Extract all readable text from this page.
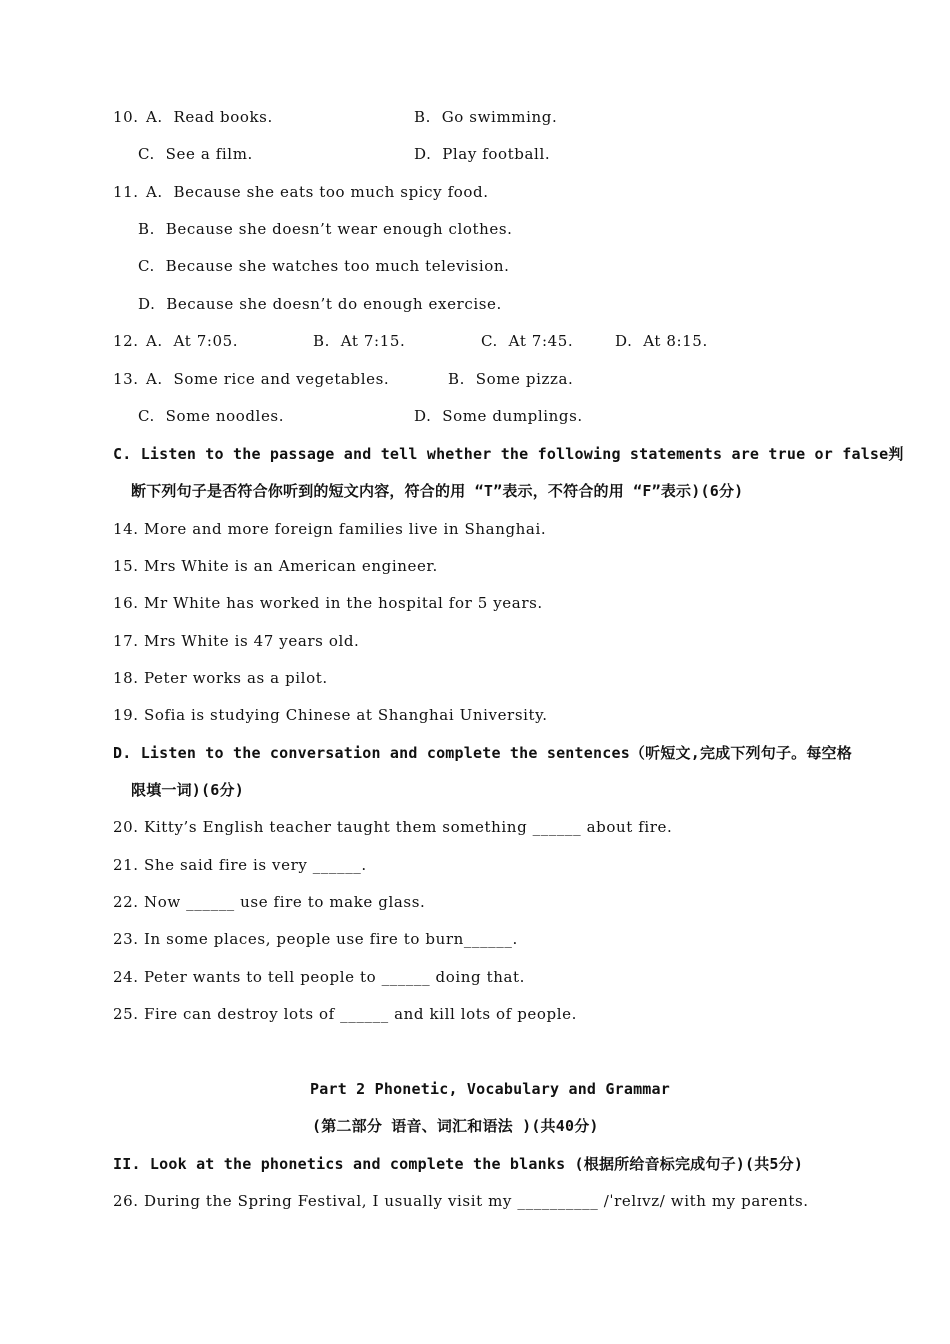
10. A.  Read books.	B.  Go swimming.
C.  See a film.	D.  Play football.
11. A.  Because she eats too much spicy food.
B.  Because she doesn’t wear enough clothes.
C.  Because she watches too much television.
D.  Because she doesn’t do enough exercise.
12. A.  At 7:05.	B.  At 7:15.	C.  At 7:45.	D.  At 8:15.
13. A.  Some rice and vegetables.	B.  Some pizza.
C.  Some noodles.	D.  Some dumplings.
C. Listen to the passage and tell whether the following statements are true or false判
断下列句子是否符合你听到的短文内容，符合的用 “T”表示，不符合的用 “F”表示)(6分)
14. More and more foreign families live in Shanghai.
15. Mrs White is an American engineer.
16. Mr White has worked in the hospital for 5 years.
17. Mrs White is 47 years old.
18. Peter works as a pilot.
19. Sofia is studying Chinese at Shanghai University.
D. Listen to the conversation and complete the sentences（听短文,完成下列句子。每空格
限填一词)(6分)
20. Kitty’s English teacher taught them something ______ about fire.
21. She said fire is very ______.
22. Now ______ use fire to make glass.
23. In some places, people use fire to burn______.
24. Peter wants to tell people to ______ doing that.
25. Fire can destroy lots of ______ and kill lots of people.
Part 2 Phonetic, Vocabulary and Grammar
(第二部分 语音、词汇和语法 )(共40分)
II. Look at the phonetics and complete the blanks (根据所给音标完成句子)(共5分)
26. During the Spring Festival, I usually visit my __________ /ˈrelɪvz/ with my parents.
